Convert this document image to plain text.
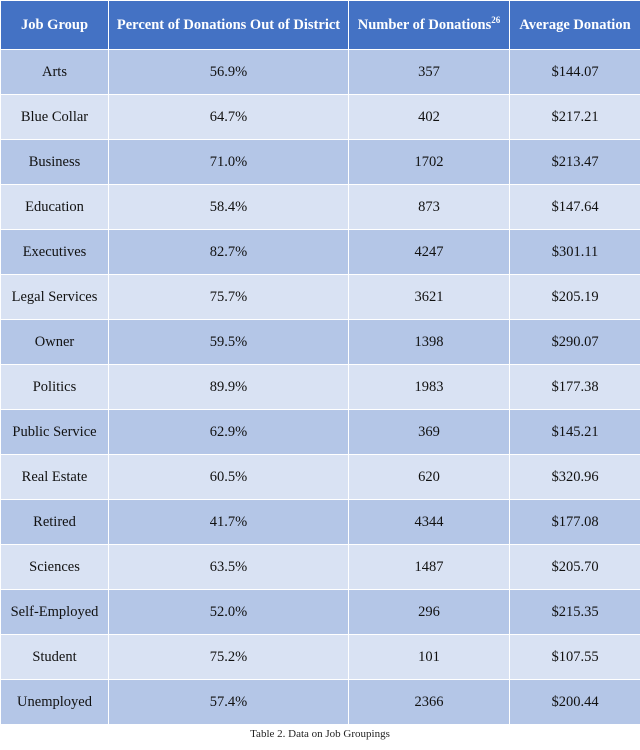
Job Group	Percent of Donations Out of District	Number of Donations$^{26}$	Average Donation
Arts	56.9%	357	$144.07
Blue Collar	64.7%	402	$217.21
Business	71.0%	1702	$213.47
Education	58.4%	873	$147.64
Executives	82.7%	4247	$301.11
Legal Services	75.7%	3621	$205.19
Owner	59.5%	1398	$290.07
Politics	89.9%	1983	$177.38
Public Service	62.9%	369	$145.21
Real Estate	60.5%	620	$320.96
Retired	41.7%	4344	$177.08
Sciences	63.5%	1487	$205.70
Self-Employed	52.0%	296	$215.35
Student	75.2%	101	$107.55
Unemployed	57.4%	2366	$200.44
Table 2. Data on Job Groupings
